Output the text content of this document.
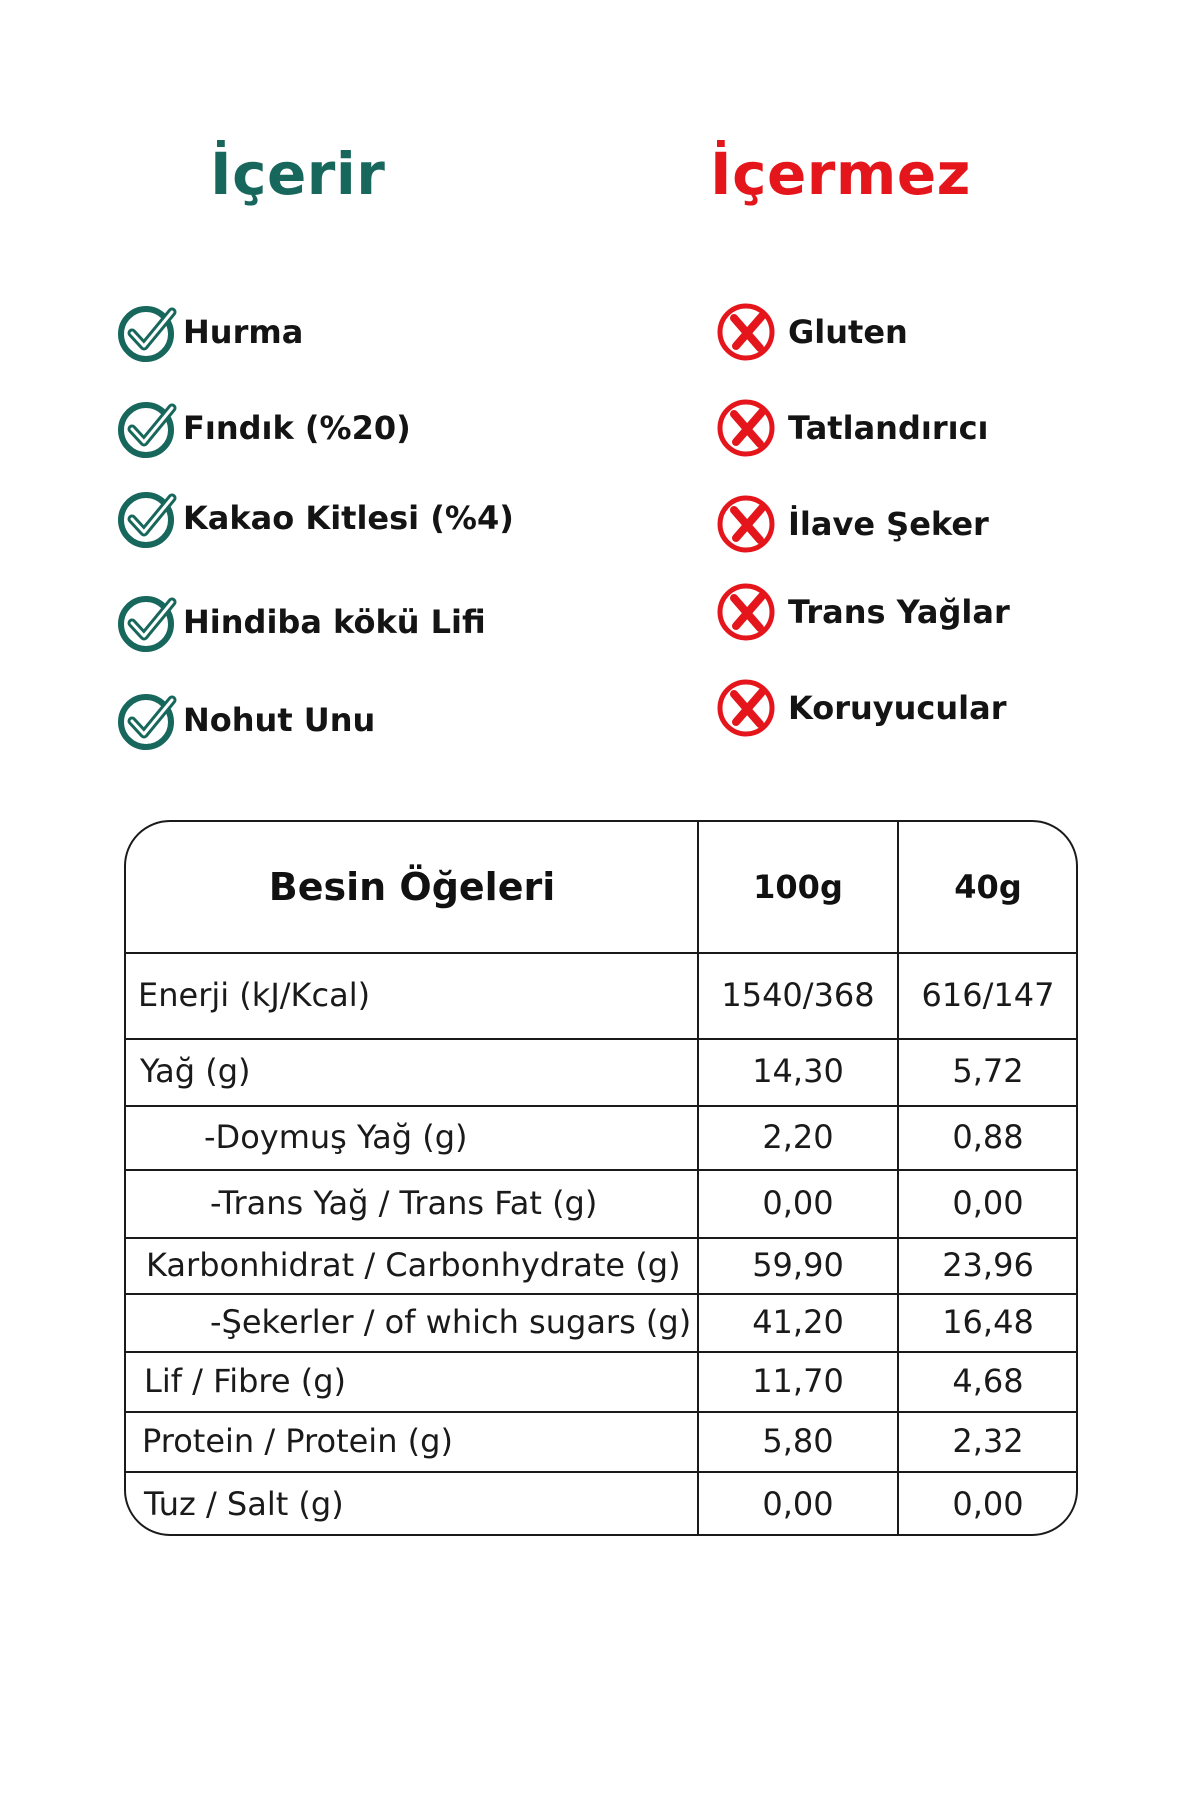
İçerir	İçermez
Hurma
Fındık (%20)
Kakao Kitlesi (%4)
Hindiba kökü Lifi
Nohut Unu
Gluten
Tatlandırıcı
İlave Şeker
Trans Yağlar
Koruyucular
Besin Öğeleri	100g	40g
Enerji (kJ/Kcal)	1540/368	616/147
Yağ (g)	14,30	5,72
-Doymuş Yağ (g)	2,20	0,88
-Trans Yağ / Trans Fat (g)	0,00	0,00
Karbonhidrat / Carbonhydrate (g)	59,90	23,96
-Şekerler / of which sugars (g)	41,20	16,48
Lif / Fibre (g)	11,70	4,68
Protein / Protein (g)	5,80	2,32
Tuz / Salt (g)	0,00	0,00
